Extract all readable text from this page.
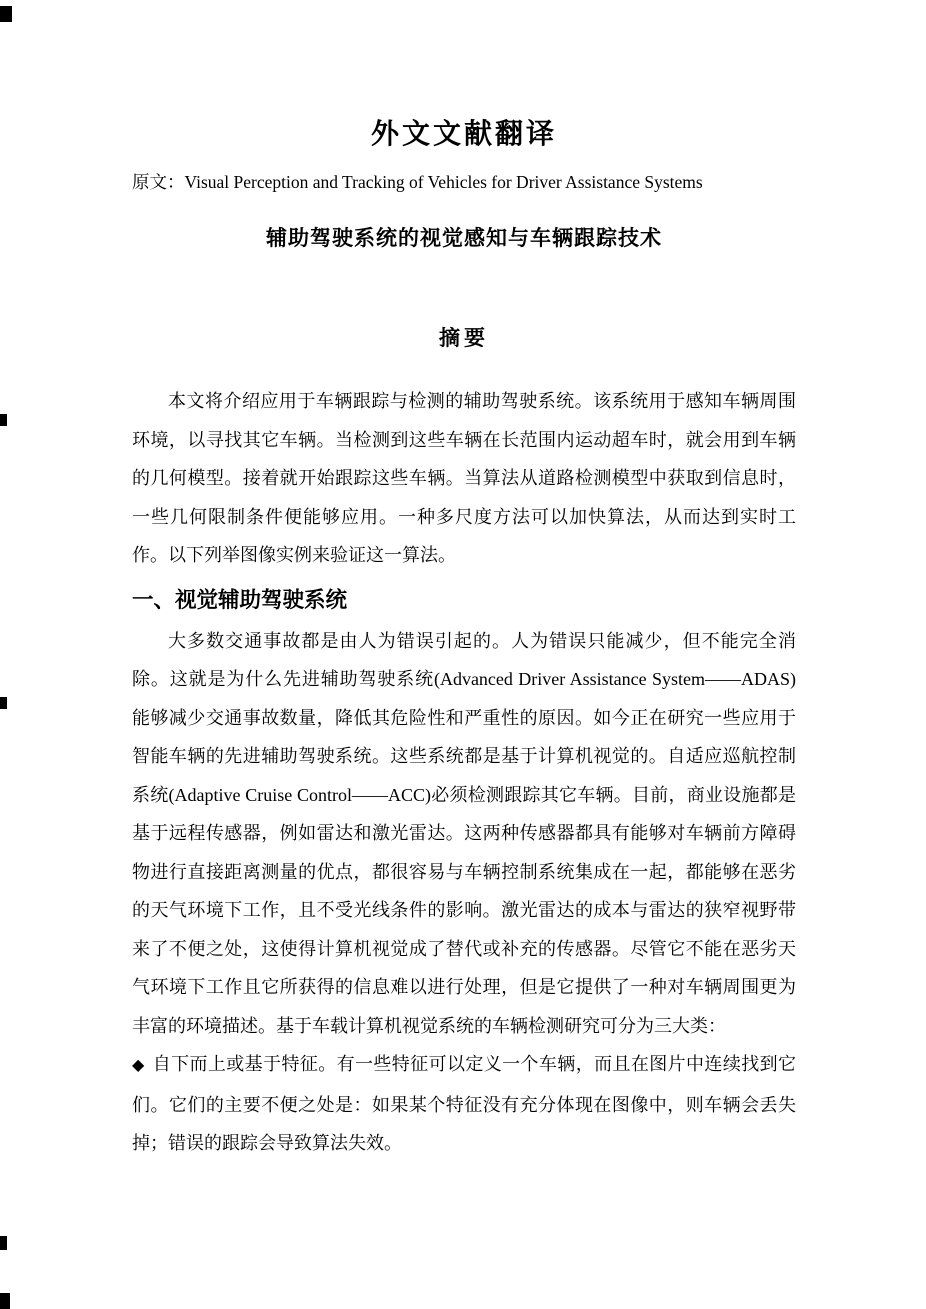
外文文献翻译

原文：Visual Perception and Tracking of Vehicles for Driver Assistance Systems

辅助驾驶系统的视觉感知与车辆跟踪技术
摘要

本文将介绍应用于车辆跟踪与检测的辅助驾驶系统。该系统用于感知车辆周围环境，以寻找其它车辆。当检测到这些车辆在长范围内运动超车时，就会用到车辆的几何模型。接着就开始跟踪这些车辆。当算法从道路检测模型中获取到信息时，一些几何限制条件便能够应用。一种多尺度方法可以加快算法，从而达到实时工作。以下列举图像实例来验证这一算法。

一、视觉辅助驾驶系统

大多数交通事故都是由人为错误引起的。人为错误只能减少，但不能完全消除。这就是为什么先进辅助驾驶系统(Advanced Driver Assistance System——ADAS)能够减少交通事故数量，降低其危险性和严重性的原因。如今正在研究一些应用于智能车辆的先进辅助驾驶系统。这些系统都是基于计算机视觉的。自适应巡航控制系统(Adaptive Cruise Control——ACC)必须检测跟踪其它车辆。目前，商业设施都是基于远程传感器，例如雷达和激光雷达。这两种传感器都具有能够对车辆前方障碍物进行直接距离测量的优点，都很容易与车辆控制系统集成在一起，都能够在恶劣的天气环境下工作，且不受光线条件的影响。激光雷达的成本与雷达的狭窄视野带来了不便之处，这使得计算机视觉成了替代或补充的传感器。尽管它不能在恶劣天气环境下工作且它所获得的信息难以进行处理，但是它提供了一种对车辆周围更为丰富的环境描述。基于车载计算机视觉系统的车辆检测研究可分为三大类：

◆ 自下而上或基于特征。有一些特征可以定义一个车辆，而且在图片中连续找到它们。它们的主要不便之处是：如果某个特征没有充分体现在图像中，则车辆会丢失掉；错误的跟踪会导致算法失效。
